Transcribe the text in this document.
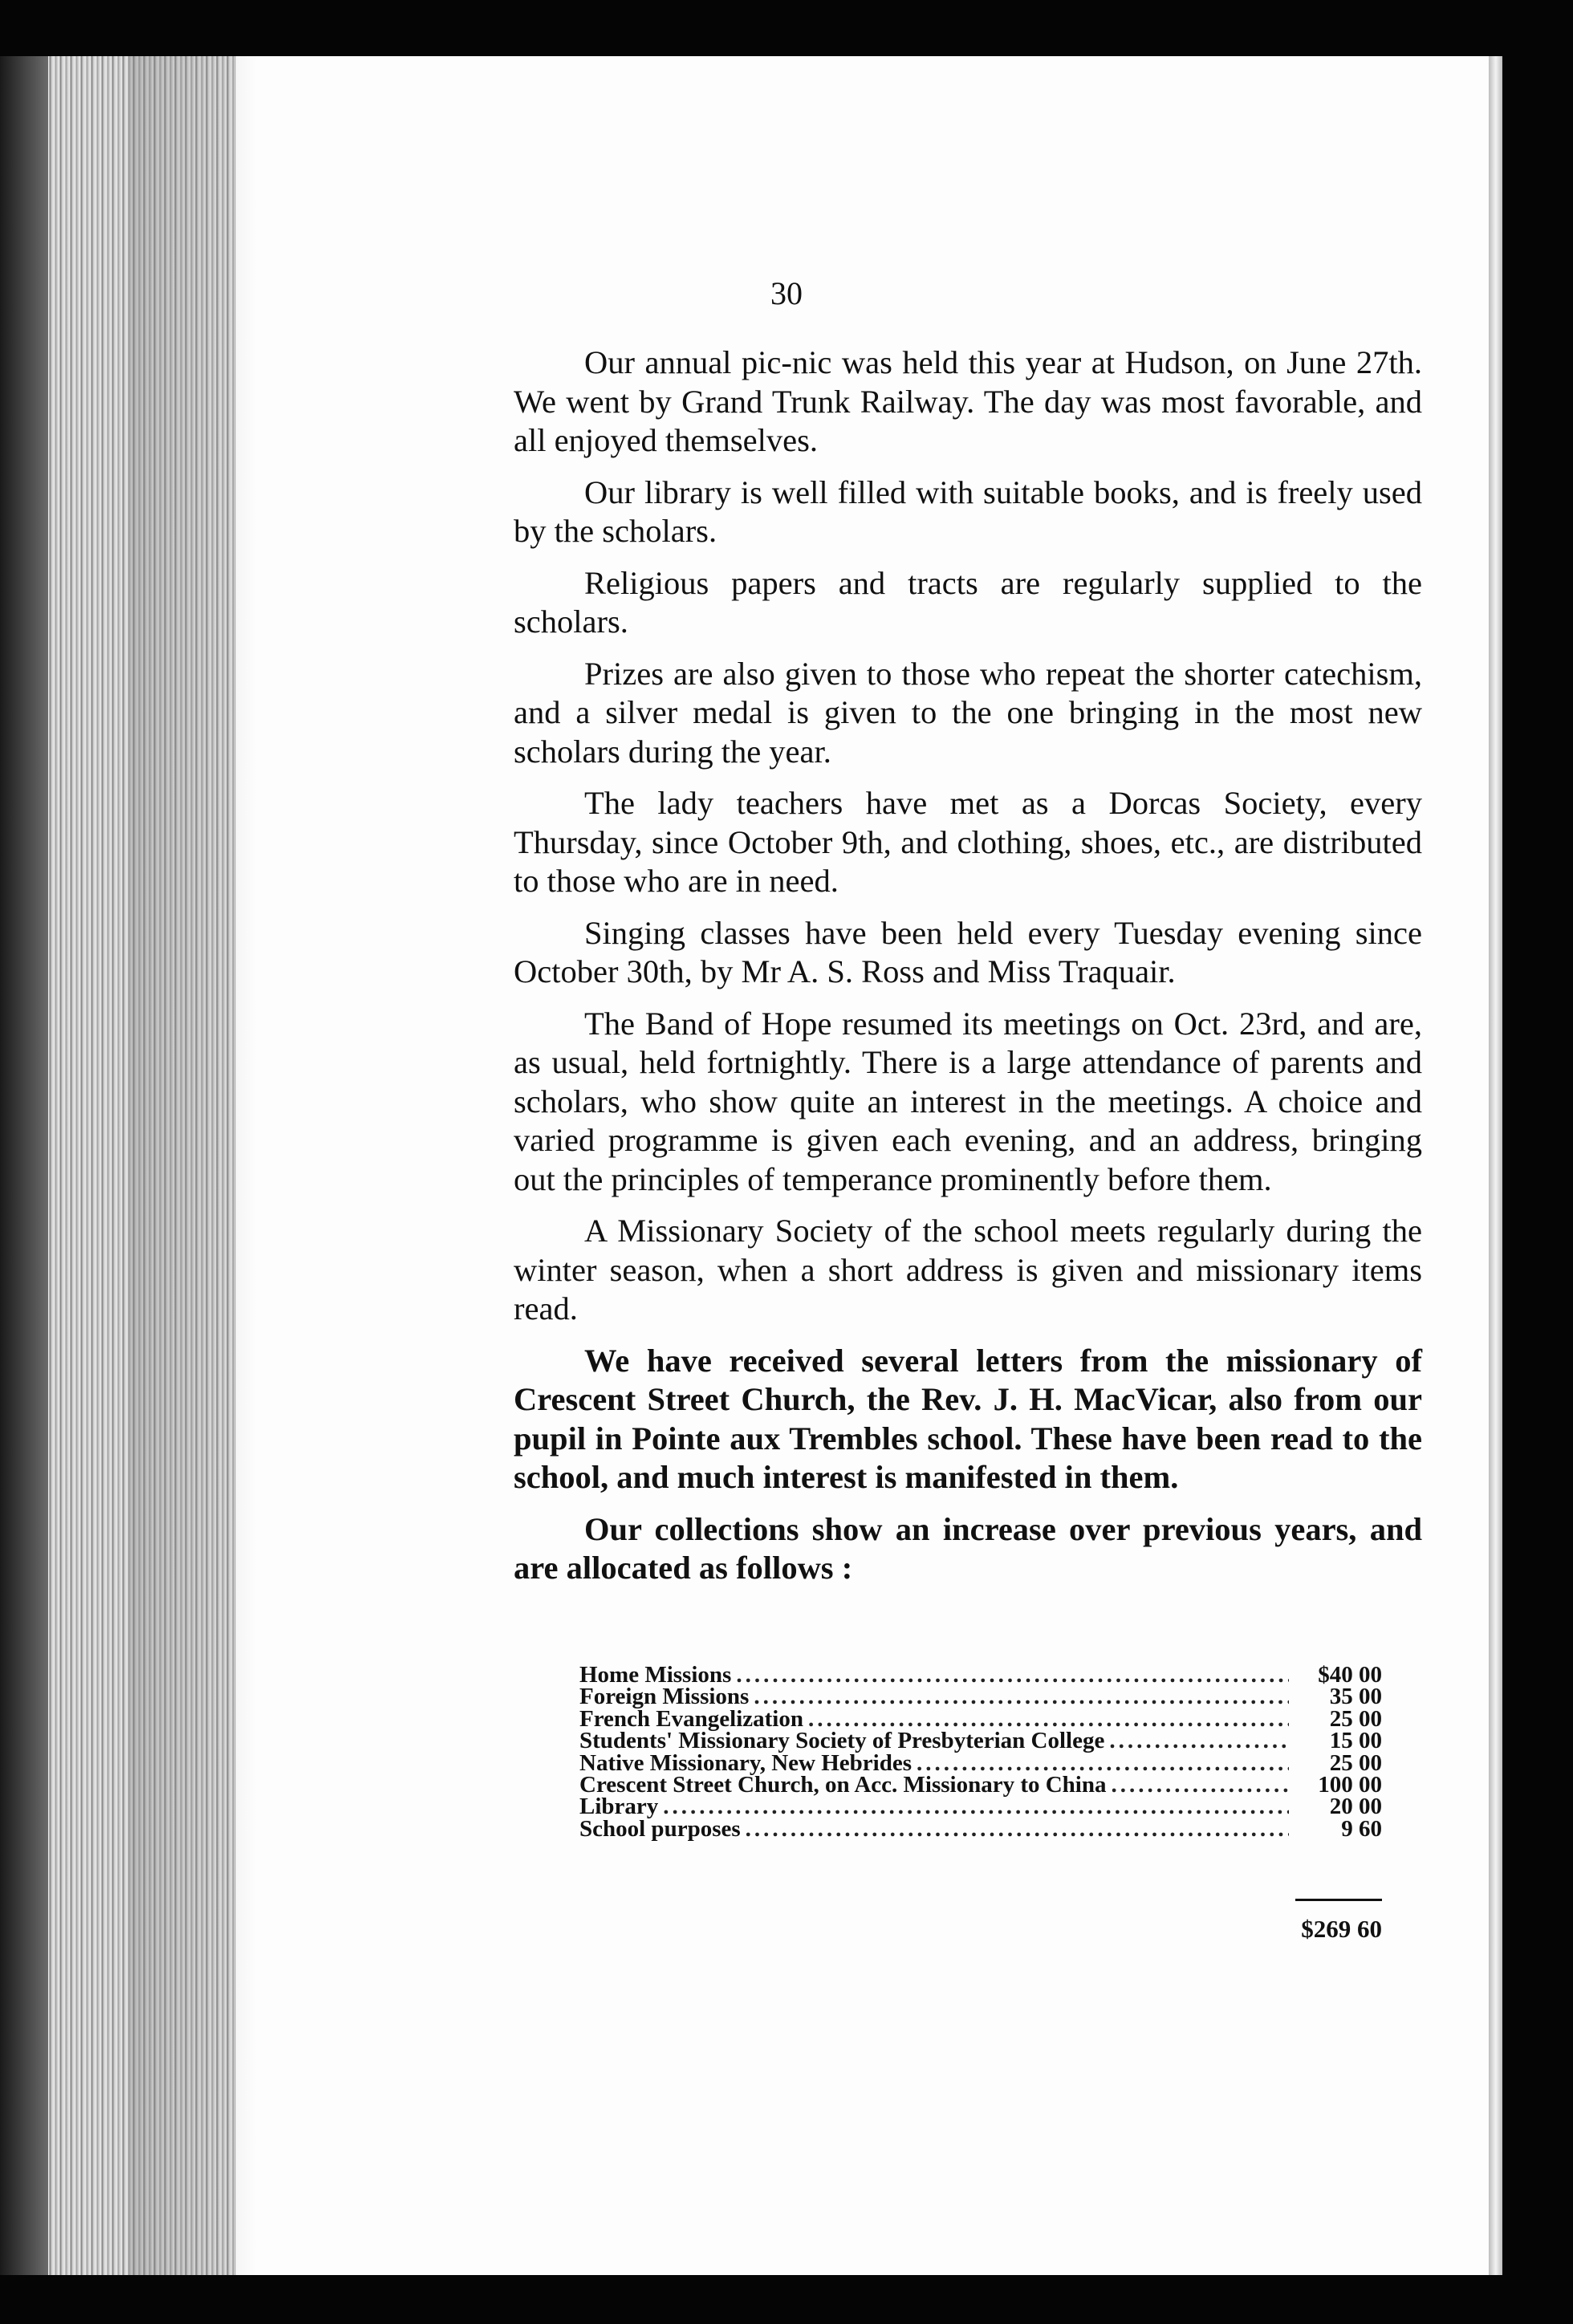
30

Our annual pic-nic was held this year at Hudson, on June 27th. We went by Grand Trunk Railway. The day was most favorable, and all enjoyed themselves.

Our library is well filled with suitable books, and is freely used by the scholars.

Religious papers and tracts are regularly supplied to the scholars.

Prizes are also given to those who repeat the shorter catechism, and a silver medal is given to the one bringing in the most new scholars during the year.

The lady teachers have met as a Dorcas Society, every Thursday, since October 9th, and clothing, shoes, etc., are distributed to those who are in need.

Singing classes have been held every Tuesday evening since October 30th, by Mr A. S. Ross and Miss Traquair.

The Band of Hope resumed its meetings on Oct. 23rd, and are, as usual, held fortnightly. There is a large attendance of parents and scholars, who show quite an interest in the meetings. A choice and varied programme is given each evening, and an address, bringing out the principles of temperance prominently before them.

A Missionary Society of the school meets regularly during the winter season, when a short address is given and missionary items read.

We have received several letters from the missionary of Crescent Street Church, the Rev. J. H. MacVicar, also from our pupil in Pointe aux Trembles school. These have been read to the school, and much interest is manifested in them.

Our collections show an increase over previous years, and are allocated as follows :

Home Missions .....	$40 00
Foreign Missions .....	35 00
French Evangelization .....	25 00
Students' Missionary Society of Presbyterian College .....	15 00
Native Missionary, New Hebrides .....	25 00
Crescent Street Church, on Acc. Missionary to China .....	100 00
Library .....	20 00
School purposes .....	9 60
$269 60
